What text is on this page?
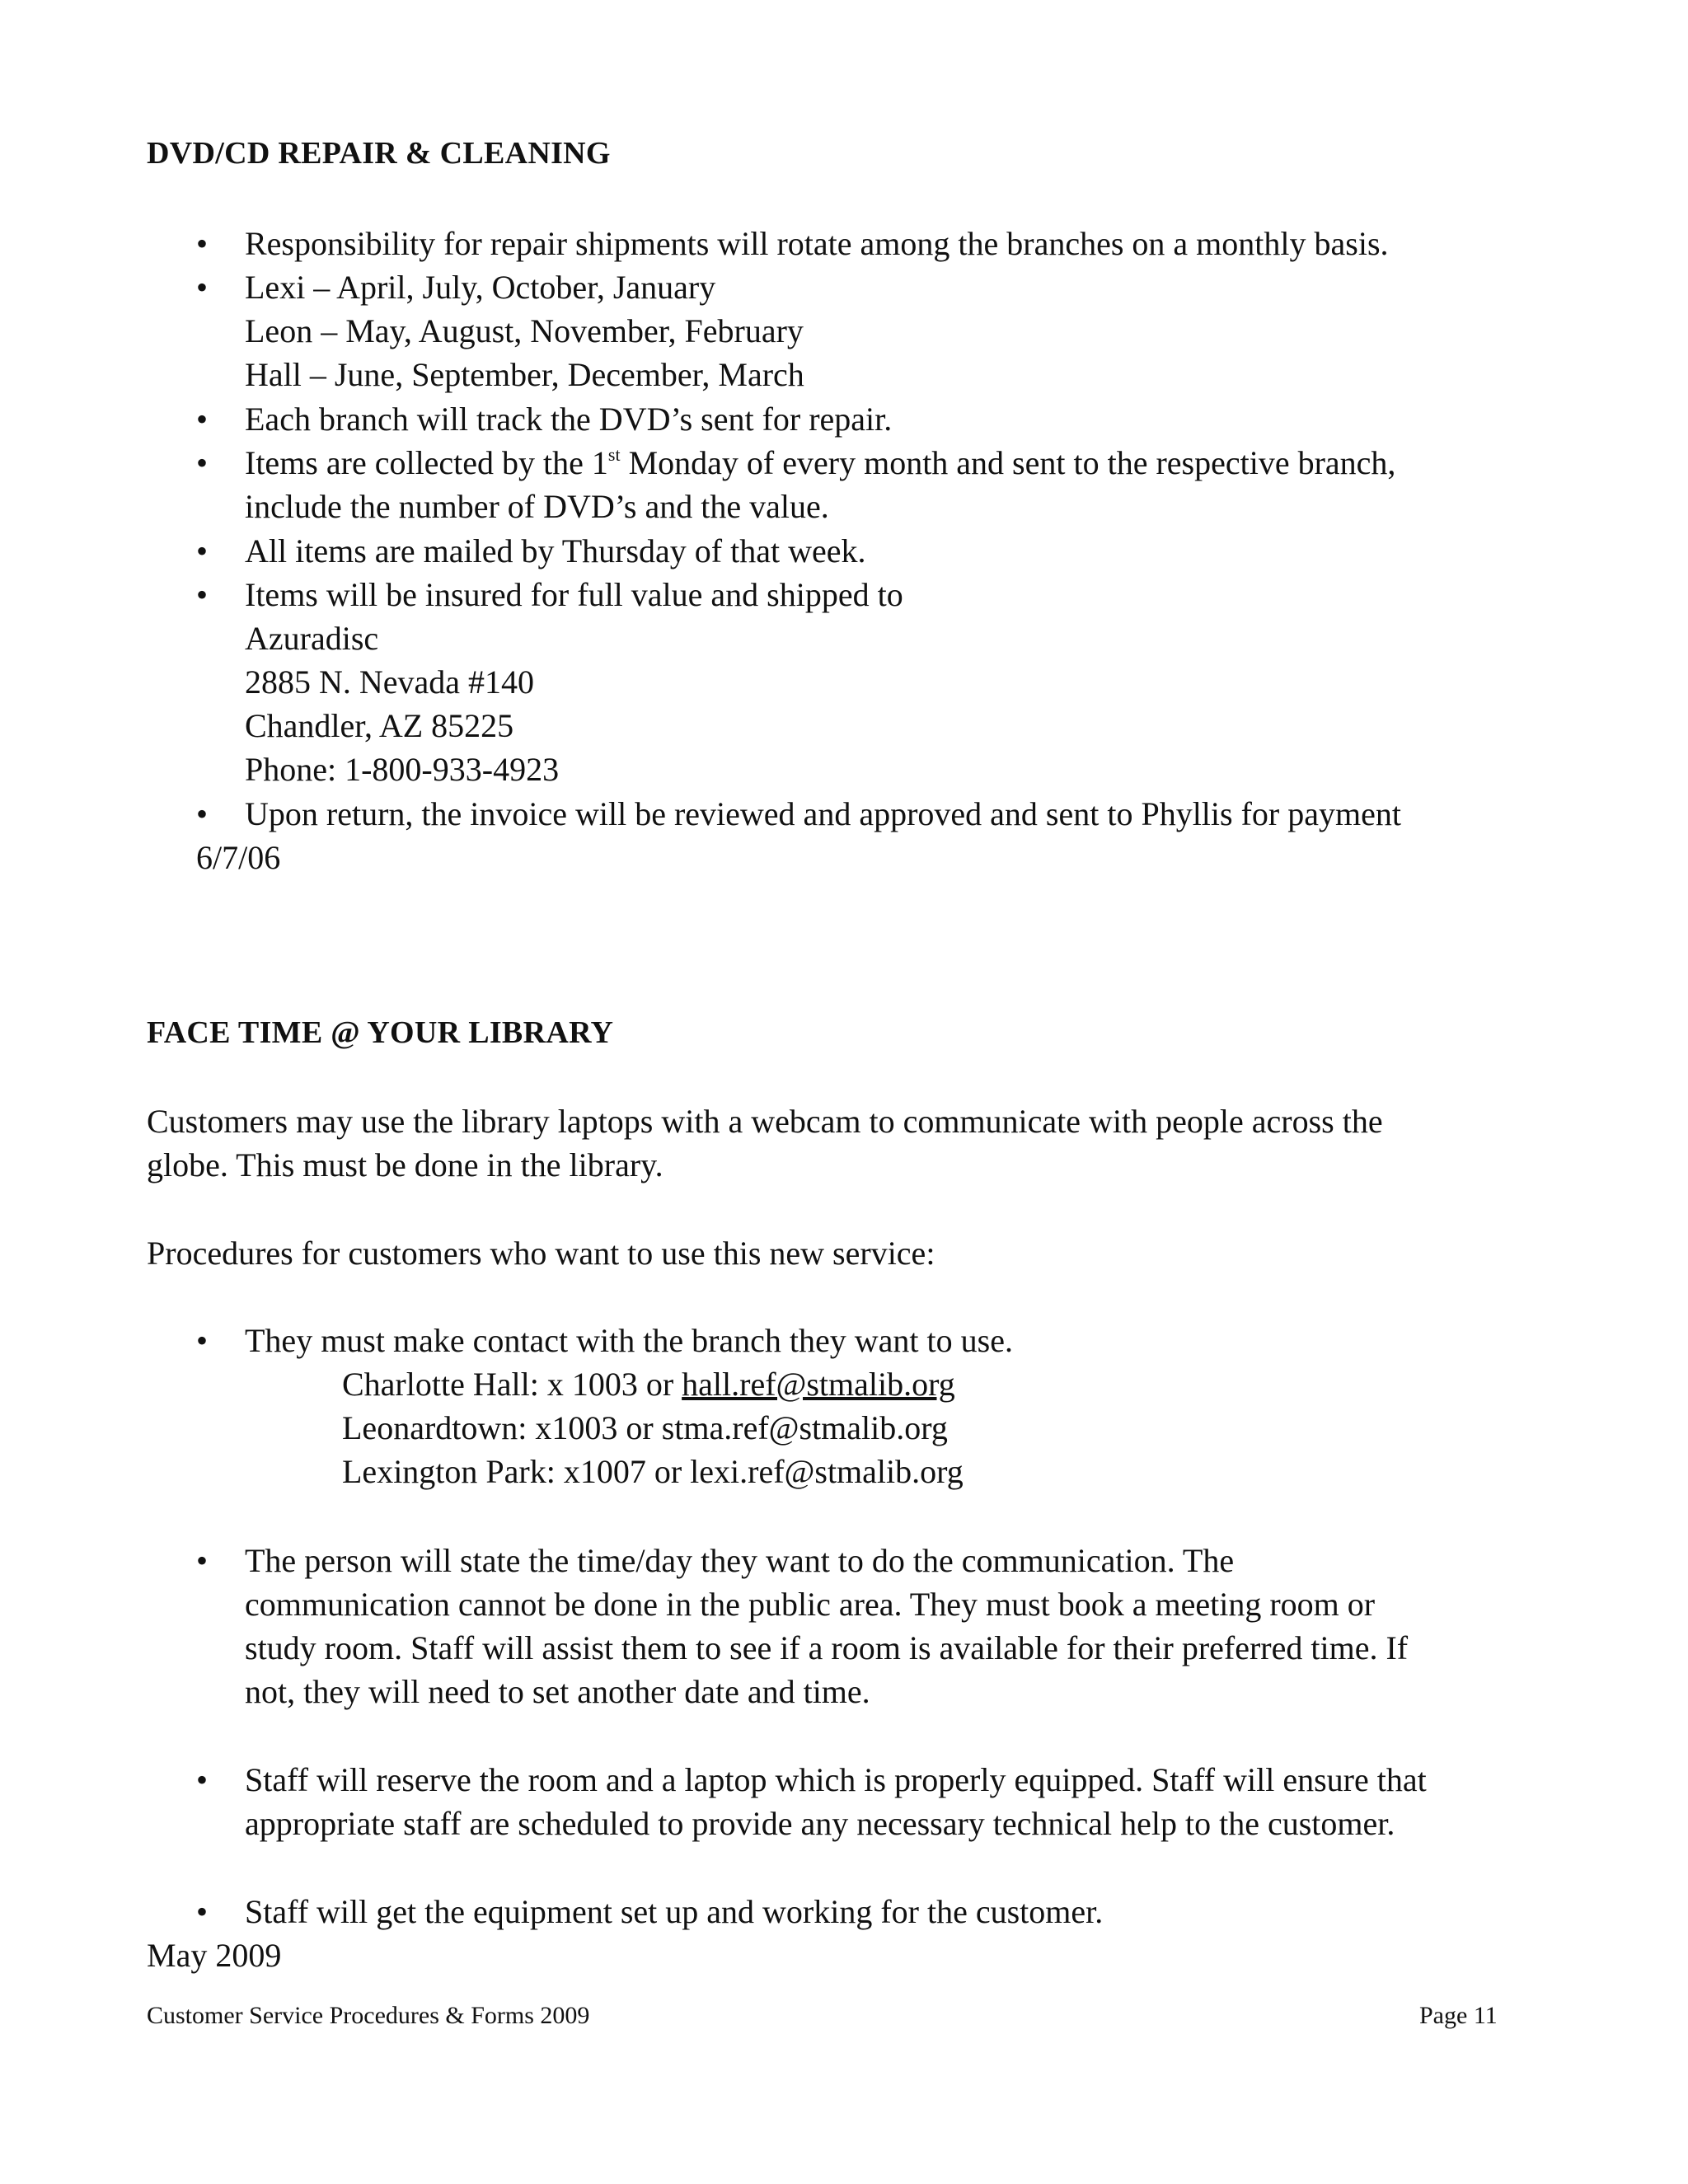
DVD/CD REPAIR & CLEANING
•
Responsibility for repair shipments will rotate among the branches on a monthly basis.
•
Lexi – April, July, October, January
Leon – May, August, November, February
Hall – June, September, December, March
•
Each branch will track the DVD’s sent for repair.
•
Items are collected by the 1st Monday of every month and sent to the respective branch,
include the number of DVD’s and the value.
•
All items are mailed by Thursday of that week.
•
Items will be insured for full value and shipped to
Azuradisc
2885 N. Nevada #140
Chandler, AZ 85225
Phone: 1-800-933-4923
•
Upon return, the invoice will be reviewed and approved and sent to Phyllis for payment
6/7/06
FACE TIME @ YOUR LIBRARY
Customers may use the library laptops with a webcam to communicate with people across the
globe. This must be done in the library.
Procedures for customers who want to use this new service:
•
They must make contact with the branch they want to use.
Charlotte Hall: x 1003 or hall.ref@stmalib.org
Leonardtown: x1003 or stma.ref@stmalib.org
Lexington Park: x1007 or lexi.ref@stmalib.org
•
The person will state the time/day they want to do the communication. The
communication cannot be done in the public area. They must book a meeting room or
study room. Staff will assist them to see if a room is available for their preferred time. If
not, they will need to set another date and time.
•
Staff will reserve the room and a laptop which is properly equipped. Staff will ensure that
appropriate staff are scheduled to provide any necessary technical help to the customer.
•
Staff will get the equipment set up and working for the customer.
May 2009
Customer Service Procedures & Forms 2009	Page 11
